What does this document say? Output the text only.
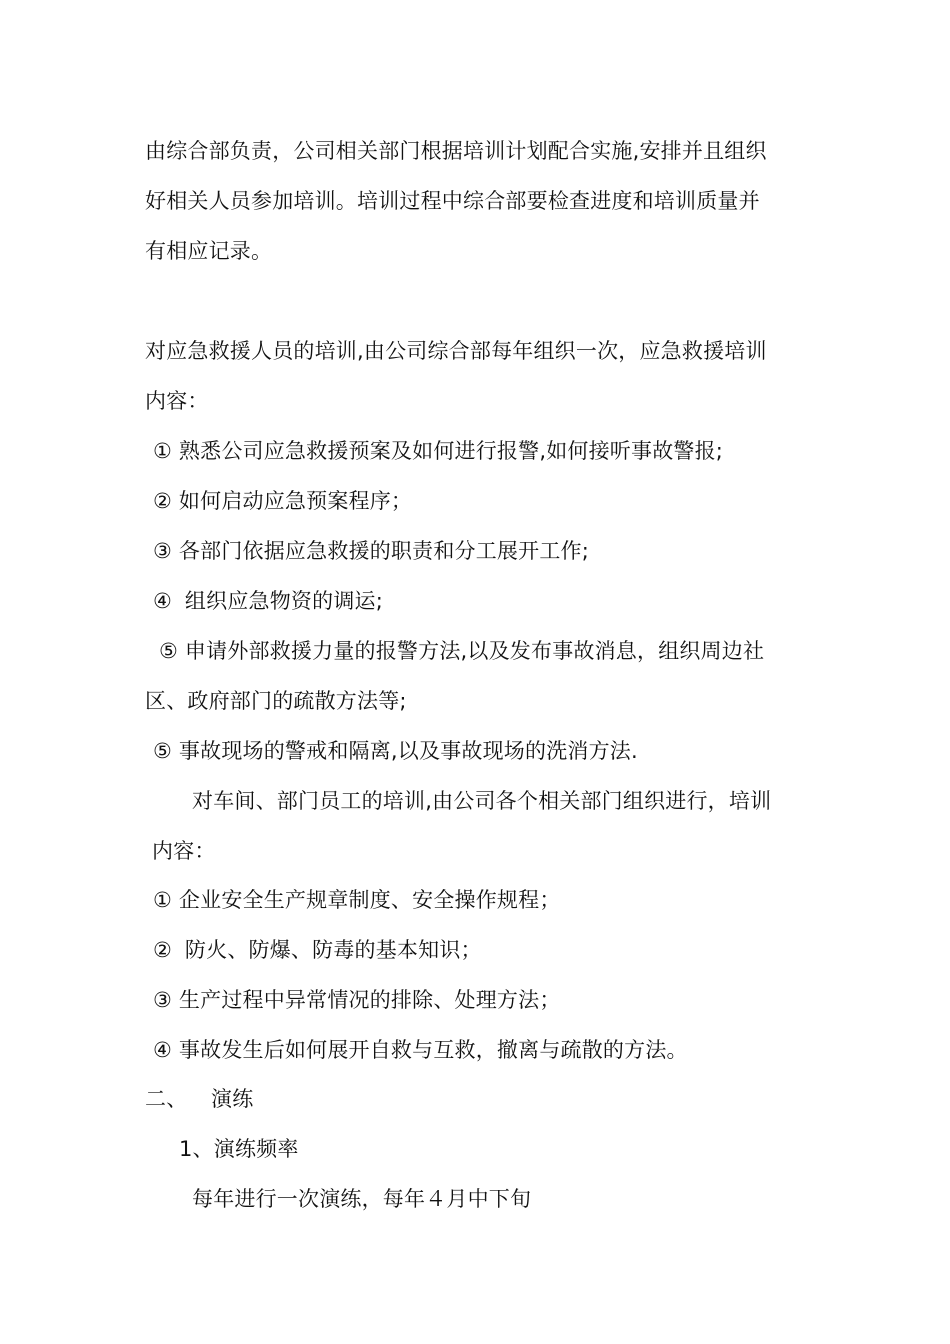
由综合部负责，公司相关部门根据培训计划配合实施,安排并且组织
好相关人员参加培训。培训过程中综合部要检查进度和培训质量并
有相应记录。
对应急救援人员的培训,由公司综合部每年组织一次，应急救援培训
内容：
① 熟悉公司应急救援预案及如何进行报警,如何接听事故警报;
② 如何启动应急预案程序；
③ 各部门依据应急救援的职责和分工展开工作;
④ 组织应急物资的调运;
⑤ 申请外部救援力量的报警方法,以及发布事故消息，组织周边社
区、政府部门的疏散方法等;
⑤ 事故现场的警戒和隔离,以及事故现场的洗消方法.
对车间、部门员工的培训,由公司各个相关部门组织进行，培训
内容：
① 企业安全生产规章制度、安全操作规程；
② 防火、防爆、防毒的基本知识；
③ 生产过程中异常情况的排除、处理方法；
④ 事故发生后如何展开自救与互救，撤离与疏散的方法。
二、 演练
1、演练频率
每年进行一次演练，每年４月中下旬
